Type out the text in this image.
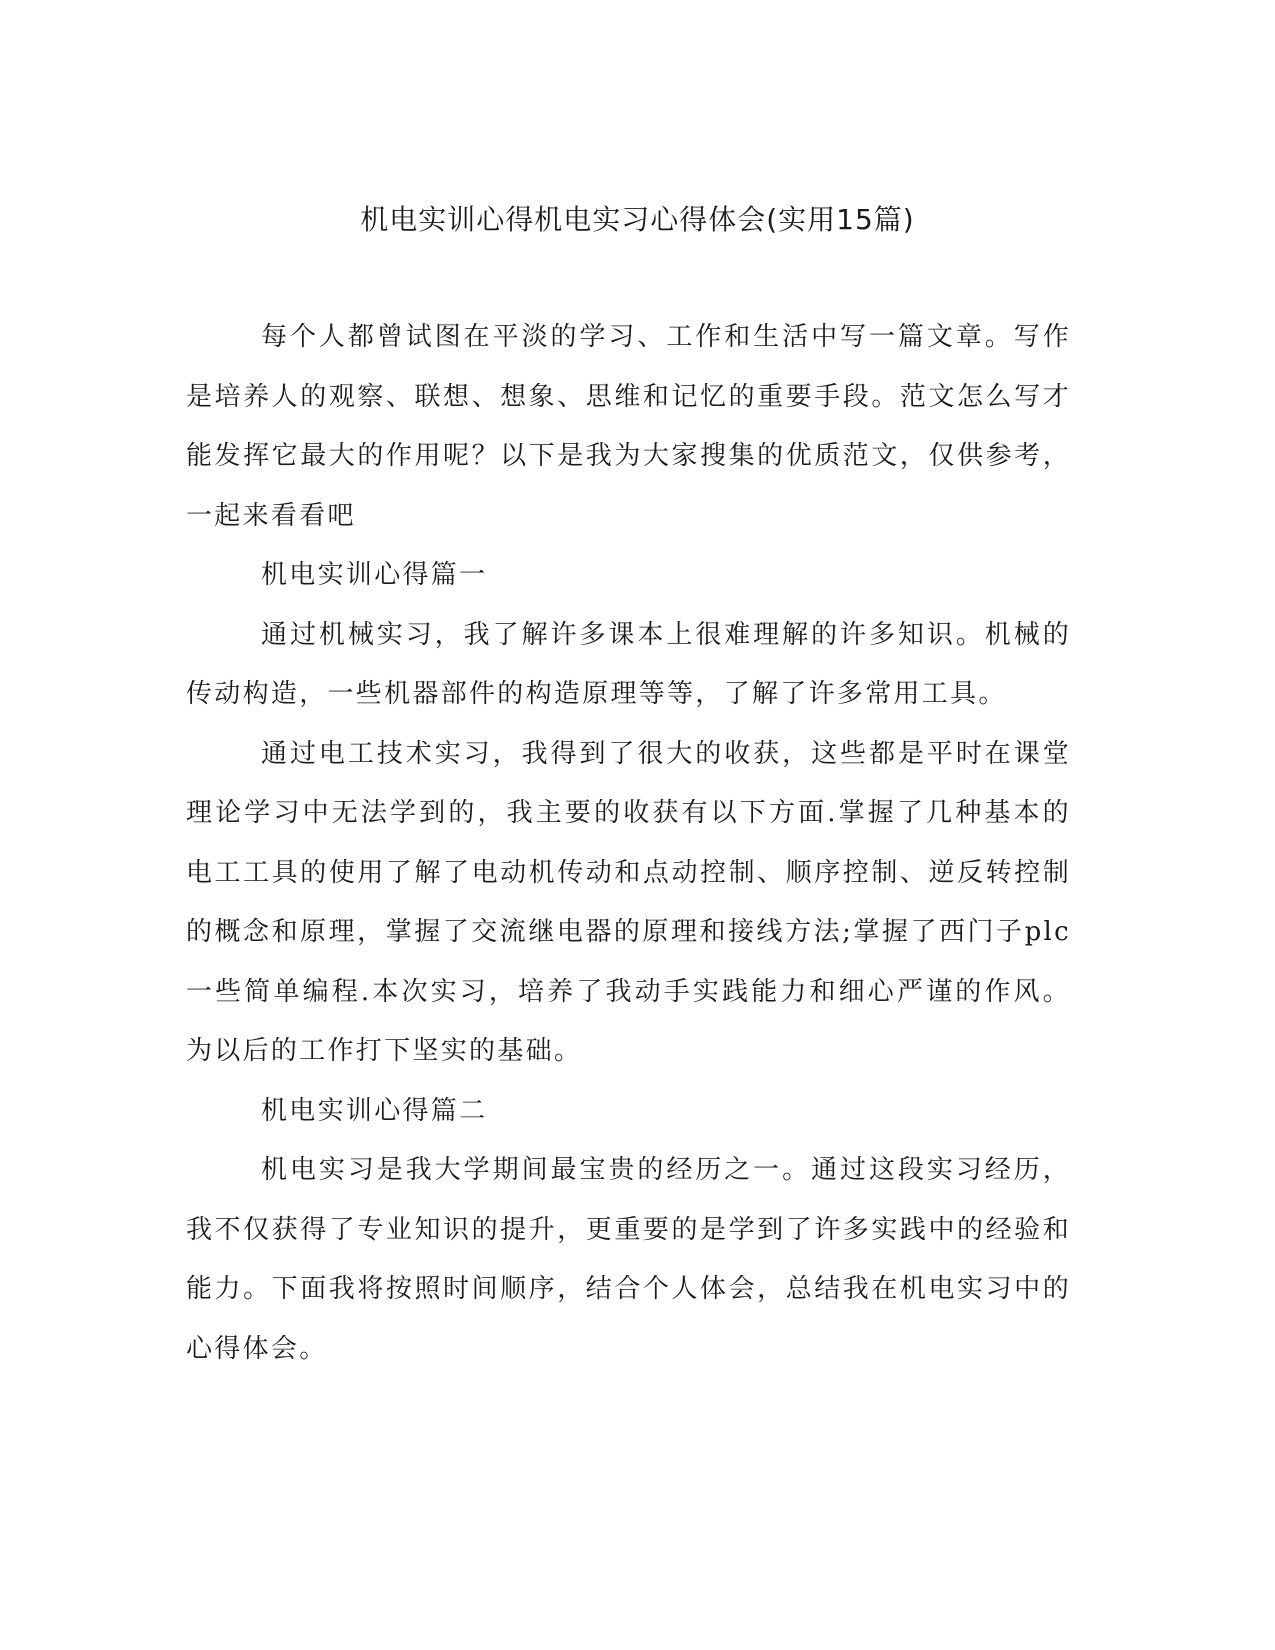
机电实训心得机电实习心得体会(实用15篇)

每个人都曾试图在平淡的学习、工作和生活中写一篇文章。写作是培养人的观察、联想、想象、思维和记忆的重要手段。范文怎么写才能发挥它最大的作用呢？以下是我为大家搜集的优质范文，仅供参考，一起来看看吧

机电实训心得篇一

通过机械实习，我了解许多课本上很难理解的许多知识。机械的传动构造，一些机器部件的构造原理等等，了解了许多常用工具。

通过电工技术实习，我得到了很大的收获，这些都是平时在课堂理论学习中无法学到的，我主要的收获有以下方面.掌握了几种基本的电工工具的使用了解了电动机传动和点动控制、顺序控制、逆反转控制的概念和原理，掌握了交流继电器的原理和接线方法;掌握了西门子plc一些简单编程.本次实习，培养了我动手实践能力和细心严谨的作风。为以后的工作打下坚实的基础。

机电实训心得篇二

机电实习是我大学期间最宝贵的经历之一。通过这段实习经历，我不仅获得了专业知识的提升，更重要的是学到了许多实践中的经验和能力。下面我将按照时间顺序，结合个人体会，总结我在机电实习中的心得体会。
